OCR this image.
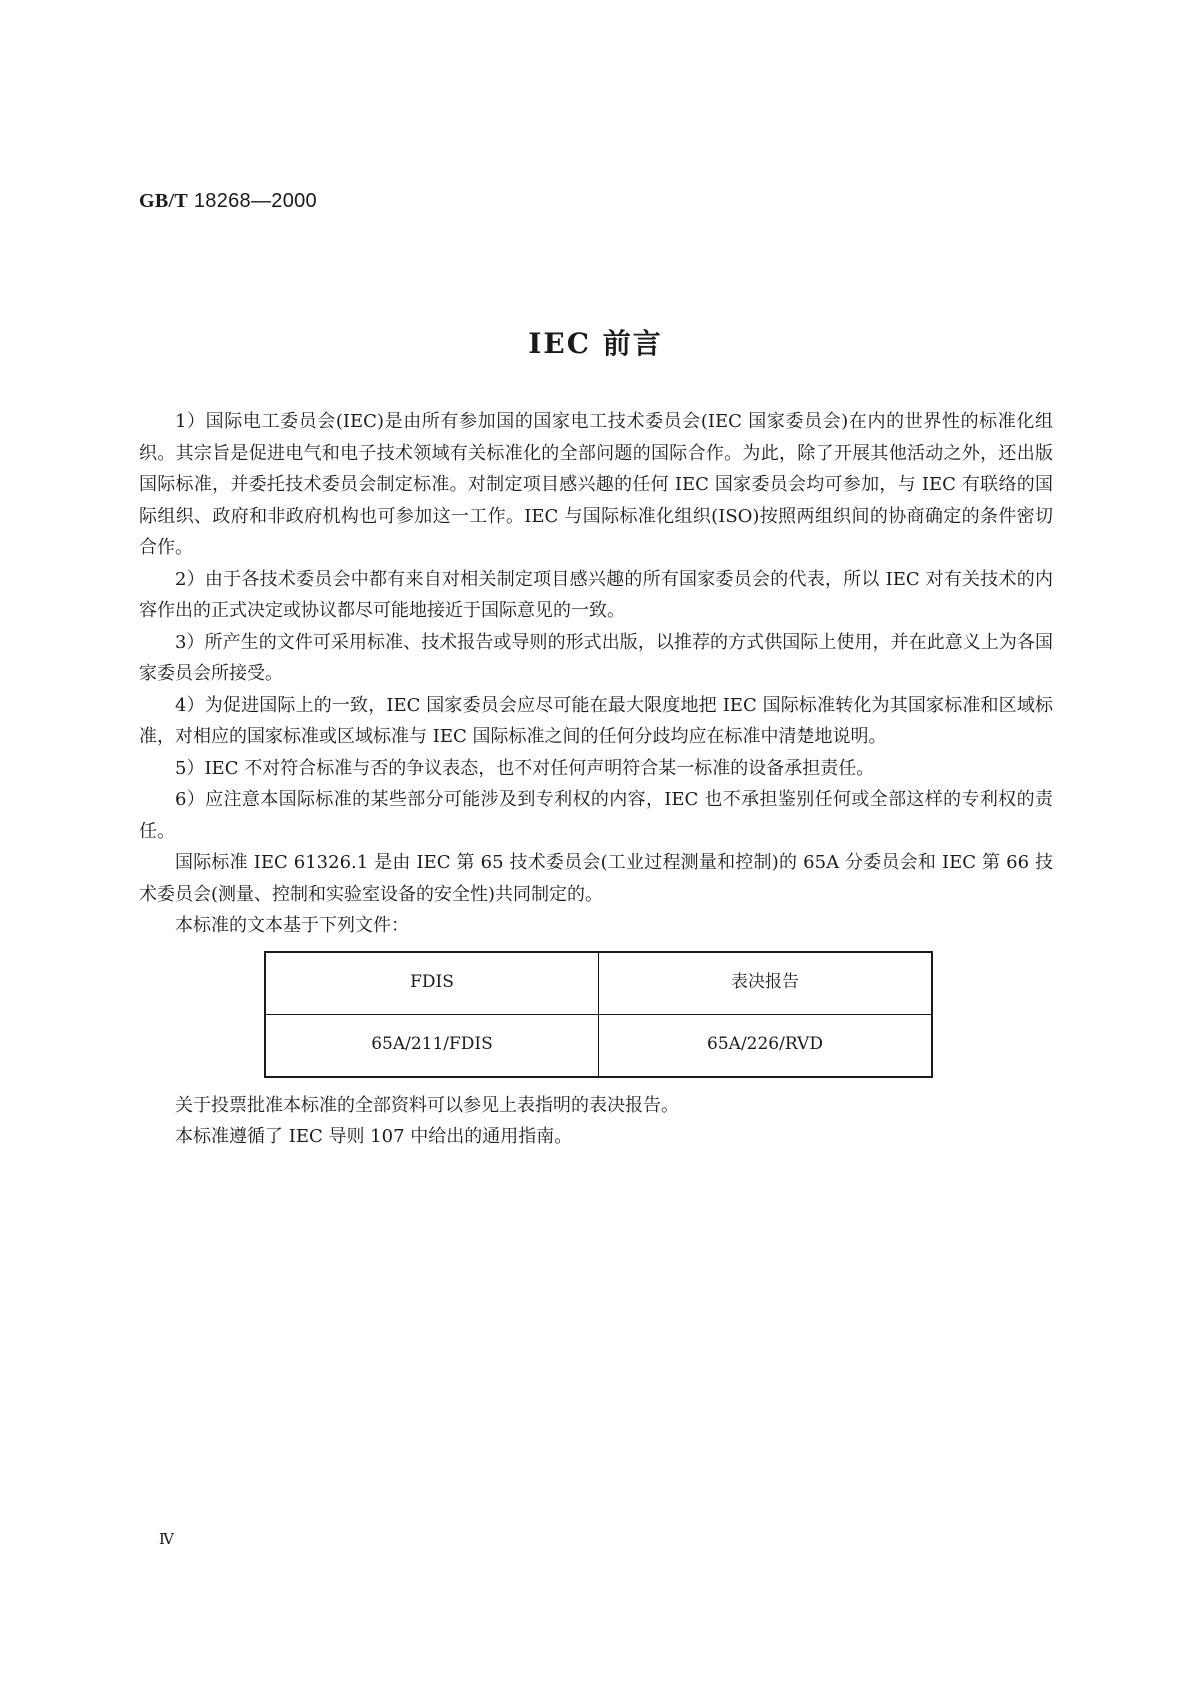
GB/T 18268—2000
IEC 前言

1）国际电工委员会(IEC)是由所有参加国的国家电工技术委员会(IEC 国家委员会)在内的世界性的标准化组织。其宗旨是促进电气和电子技术领域有关标准化的全部问题的国际合作。为此，除了开展其他活动之外，还出版国际标准，并委托技术委员会制定标准。对制定项目感兴趣的任何 IEC 国家委员会均可参加，与 IEC 有联络的国际组织、政府和非政府机构也可参加这一工作。IEC 与国际标准化组织(ISO)按照两组织间的协商确定的条件密切合作。

2）由于各技术委员会中都有来自对相关制定项目感兴趣的所有国家委员会的代表，所以 IEC 对有关技术的内容作出的正式决定或协议都尽可能地接近于国际意见的一致。

3）所产生的文件可采用标准、技术报告或导则的形式出版，以推荐的方式供国际上使用，并在此意义上为各国家委员会所接受。

4）为促进国际上的一致，IEC 国家委员会应尽可能在最大限度地把 IEC 国际标准转化为其国家标准和区域标准，对相应的国家标准或区域标准与 IEC 国际标准之间的任何分歧均应在标准中清楚地说明。

5）IEC 不对符合标准与否的争议表态，也不对任何声明符合某一标准的设备承担责任。

6）应注意本国际标准的某些部分可能涉及到专利权的内容，IEC 也不承担鉴别任何或全部这样的专利权的责任。

国际标准 IEC 61326.1 是由 IEC 第 65 技术委员会(工业过程测量和控制)的 65A 分委员会和 IEC 第 66 技术委员会(测量、控制和实验室设备的安全性)共同制定的。

本标准的文本基于下列文件：

FDIS	表决报告
65A/211/FDIS	65A/226/RVD

关于投票批准本标准的全部资料可以参见上表指明的表决报告。

本标准遵循了 IEC 导则 107 中给出的通用指南。

Ⅳ
